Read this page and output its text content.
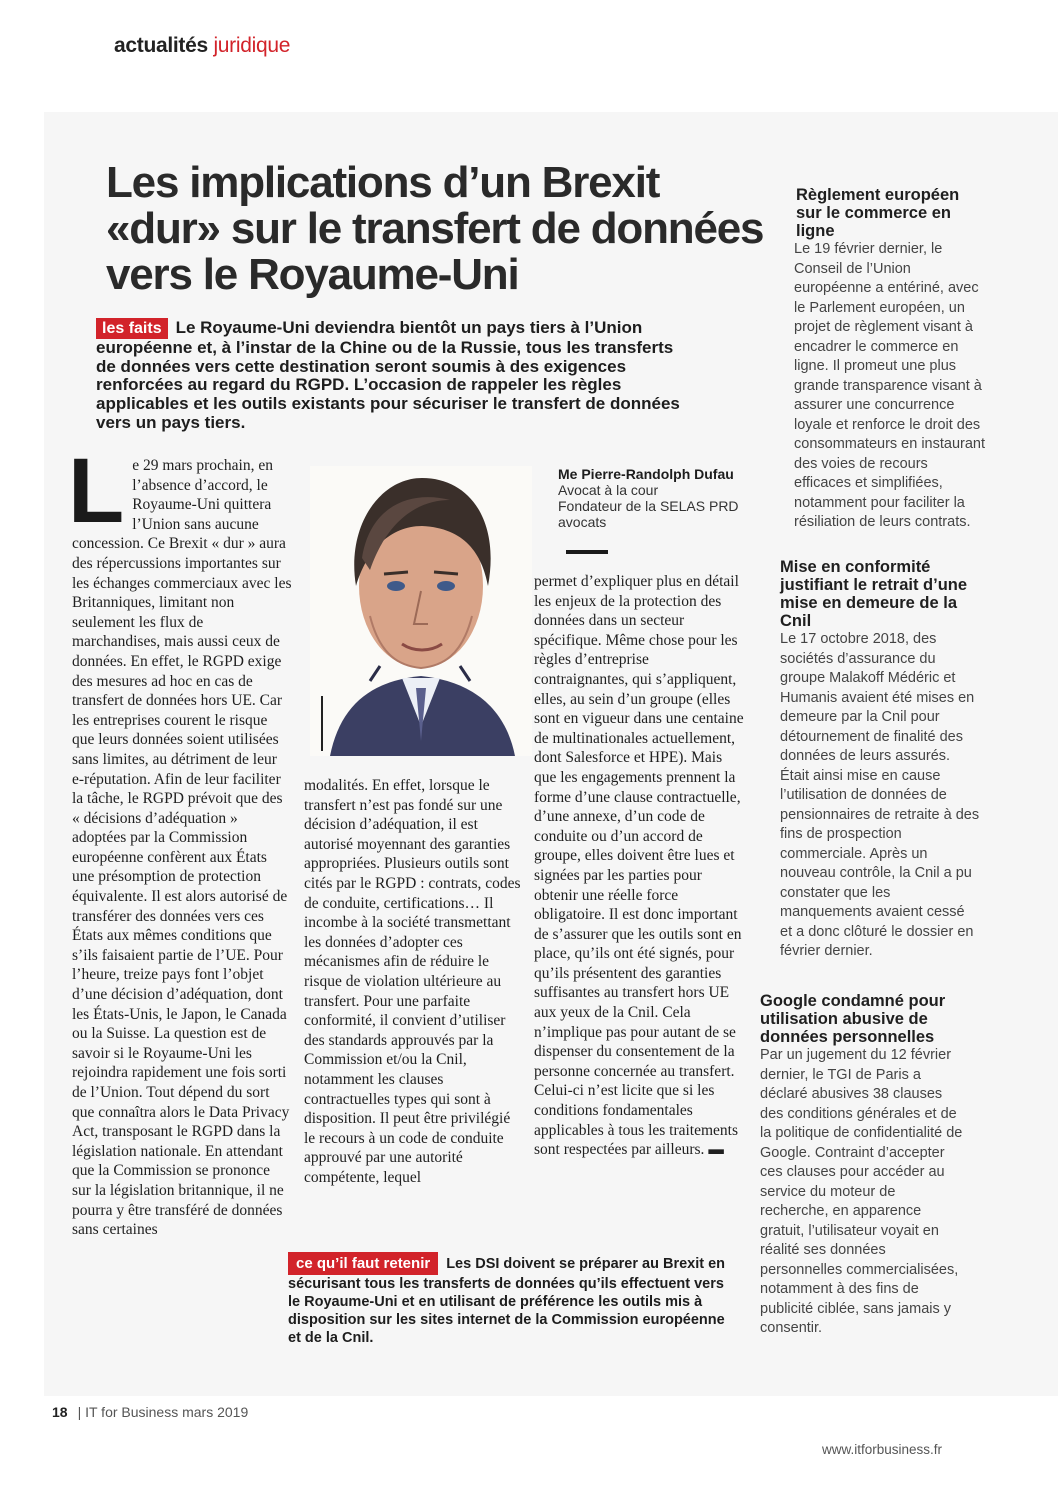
actualités juridique
Les implications d’un Brexit «dur» sur le transfert de données vers le Royaume-Uni

les faits Le Royaume-Uni deviendra bientôt un pays tiers à l’Union européenne et, à l’instar de la Chine ou de la Russie, tous les transferts de données vers cette destination seront soumis à des exigences renforcées au regard du RGPD. L’occasion de rappeler les règles applicables et les outils existants pour sécuriser le transfert de données vers un pays tiers.

Le 29 mars prochain, en l’absence d’accord, le Royaume-Uni quittera l’Union sans aucune concession. Ce Brexit « dur » aura des répercussions importantes sur les échanges commerciaux avec les Britanniques, limitant non seulement les flux de marchandises, mais aussi ceux de données. En effet, le RGPD exige des mesures ad hoc en cas de transfert de données hors UE. Car les entreprises courent le risque que leurs données soient utilisées sans limites, au détriment de leur e-réputation. Afin de leur faciliter la tâche, le RGPD prévoit que des « décisions d’adéquation » adoptées par la Commission européenne confèrent aux États une présomption de protection équivalente. Il est alors autorisé de transférer des données vers ces États aux mêmes conditions que s’ils faisaient partie de l’UE. Pour l’heure, treize pays font l’objet d’une décision d’adéquation, dont les États-Unis, le Japon, le Canada ou la Suisse. La question est de savoir si le Royaume-Uni les rejoindra rapidement une fois sorti de l’Union. Tout dépend du sort que connaîtra alors le Data Privacy Act, transposant le RGPD dans la législation nationale. En attendant que la Commission se prononce sur la législation britannique, il ne pourra y être transféré de données sans certaines

Me Pierre-Randolph Dufau
Avocat à la cour
Fondateur de la SELAS PRD avocats

modalités. En effet, lorsque le transfert n’est pas fondé sur une décision d’adéquation, il est autorisé moyennant des garanties appropriées. Plusieurs outils sont cités par le RGPD : contrats, codes de conduite, certifications… Il incombe à la société transmettant les données d’adopter ces mécanismes afin de réduire le risque de violation ultérieure au transfert. Pour une parfaite conformité, il convient d’utiliser des standards approuvés par la Commission et/ou la Cnil, notamment les clauses contractuelles types qui sont à disposition. Il peut être privilégié le recours à un code de conduite approuvé par une autorité compétente, lequel

permet d’expliquer plus en détail les enjeux de la protection des données dans un secteur spécifique. Même chose pour les règles d’entreprise contraignantes, qui s’appliquent, elles, au sein d’un groupe (elles sont en vigueur dans une centaine de multinationales actuellement, dont Salesforce et HPE). Mais que les engagements prennent la forme d’une clause contractuelle, d’une annexe, d’un code de conduite ou d’un accord de groupe, elles doivent être lues et signées par les parties pour obtenir une réelle force obligatoire. Il est donc important de s’assurer que les outils sont en place, qu’ils ont été signés, pour qu’ils présentent des garanties suffisantes au transfert hors UE aux yeux de la Cnil. Cela n’implique pas pour autant de se dispenser du consentement de la personne concernée au transfert. Celui-ci n’est licite que si les conditions fondamentales applicables à tous les traitements sont respectées par ailleurs. ▬

ce qu’il faut retenir Les DSI doivent se préparer au Brexit en sécurisant tous les transferts de données qu’ils effectuent vers le Royaume-Uni et en utilisant de préférence les outils mis à disposition sur les sites internet de la Commission européenne et de la Cnil.

Règlement européen sur le commerce en ligne

Le 19 février dernier, le Conseil de l’Union européenne a entériné, avec le Parlement européen, un projet de règlement visant à encadrer le commerce en ligne. Il promeut une plus grande transparence visant à assurer une concurrence loyale et renforce le droit des consommateurs en instaurant des voies de recours efficaces et simplifiées, notamment pour faciliter la résiliation de leurs contrats.

Mise en conformité justifiant le retrait d’une mise en demeure de la Cnil

Le 17 octobre 2018, des sociétés d’assurance du groupe Malakoff Médéric et Humanis avaient été mises en demeure par la Cnil pour détournement de finalité des données de leurs assurés. Était ainsi mise en cause l’utilisation de données de pensionnaires de retraite à des fins de prospection commerciale. Après un nouveau contrôle, la Cnil a pu constater que les manquements avaient cessé et a donc clôturé le dossier en février dernier.

Google condamné pour utilisation abusive de données personnelles

Par un jugement du 12 février dernier, le TGI de Paris a déclaré abusives 38 clauses des conditions générales et de la politique de confidentialité de Google. Contraint d’accepter ces clauses pour accéder au service du moteur de recherche, en apparence gratuit, l’utilisateur voyait en réalité ses données personnelles commercialisées, notamment à des fins de publicité ciblée, sans jamais y consentir.

18 | IT for Business mars 2019
www.itforbusiness.fr
